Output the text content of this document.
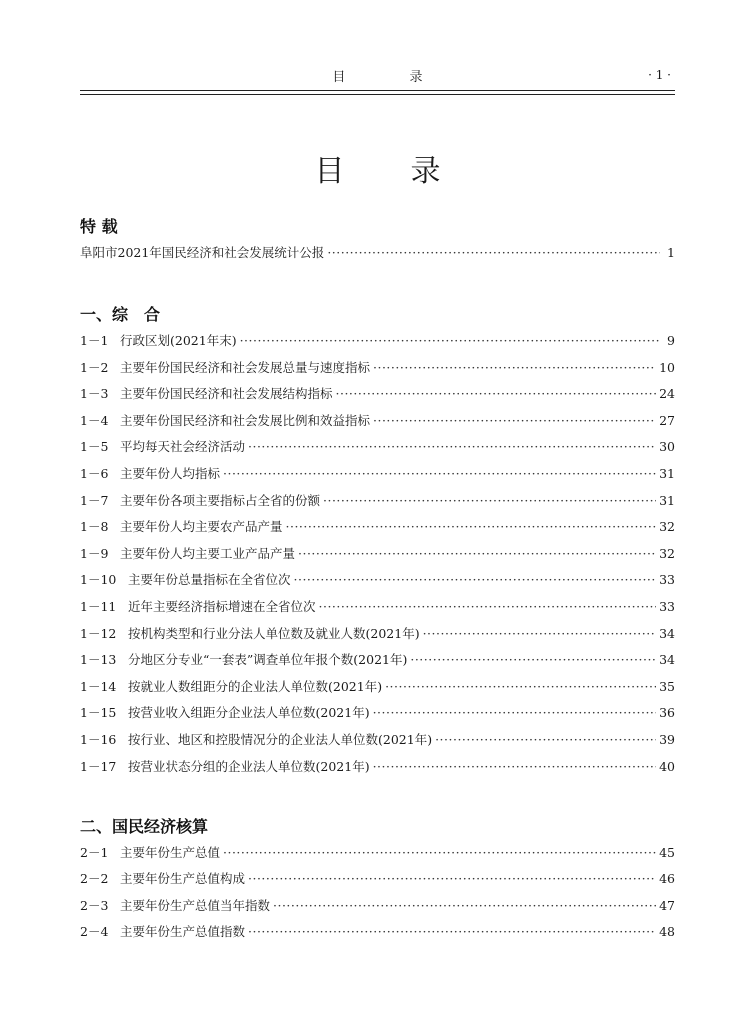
目 录	· 1 ·
目录
特 载
阜阳市2021年国民经济和社会发展统计公报 ·····	1
一、综　合
1－1 行政区划(2021年末) ·····	9
1－2 主要年份国民经济和社会发展总量与速度指标 ·····	10
1－3 主要年份国民经济和社会发展结构指标 ·····	24
1－4 主要年份国民经济和社会发展比例和效益指标 ·····	27
1－5 平均每天社会经济活动 ·····	30
1－6 主要年份人均指标 ·····	31
1－7 主要年份各项主要指标占全省的份额 ·····	31
1－8 主要年份人均主要农产品产量 ·····	32
1－9 主要年份人均主要工业产品产量 ·····	32
1－10 主要年份总量指标在全省位次 ·····	33
1－11 近年主要经济指标增速在全省位次 ·····	33
1－12 按机构类型和行业分法人单位数及就业人数(2021年) ·····	34
1－13 分地区分专业“一套表”调查单位年报个数(2021年) ·····	34
1－14 按就业人数组距分的企业法人单位数(2021年) ·····	35
1－15 按营业收入组距分企业法人单位数(2021年) ·····	36
1－16 按行业、地区和控股情况分的企业法人单位数(2021年) ·····	39
1－17 按营业状态分组的企业法人单位数(2021年) ·····	40
二、国民经济核算
2－1 主要年份生产总值 ·····	45
2－2 主要年份生产总值构成 ·····	46
2－3 主要年份生产总值当年指数 ·····	47
2－4 主要年份生产总值指数 ·····	48
